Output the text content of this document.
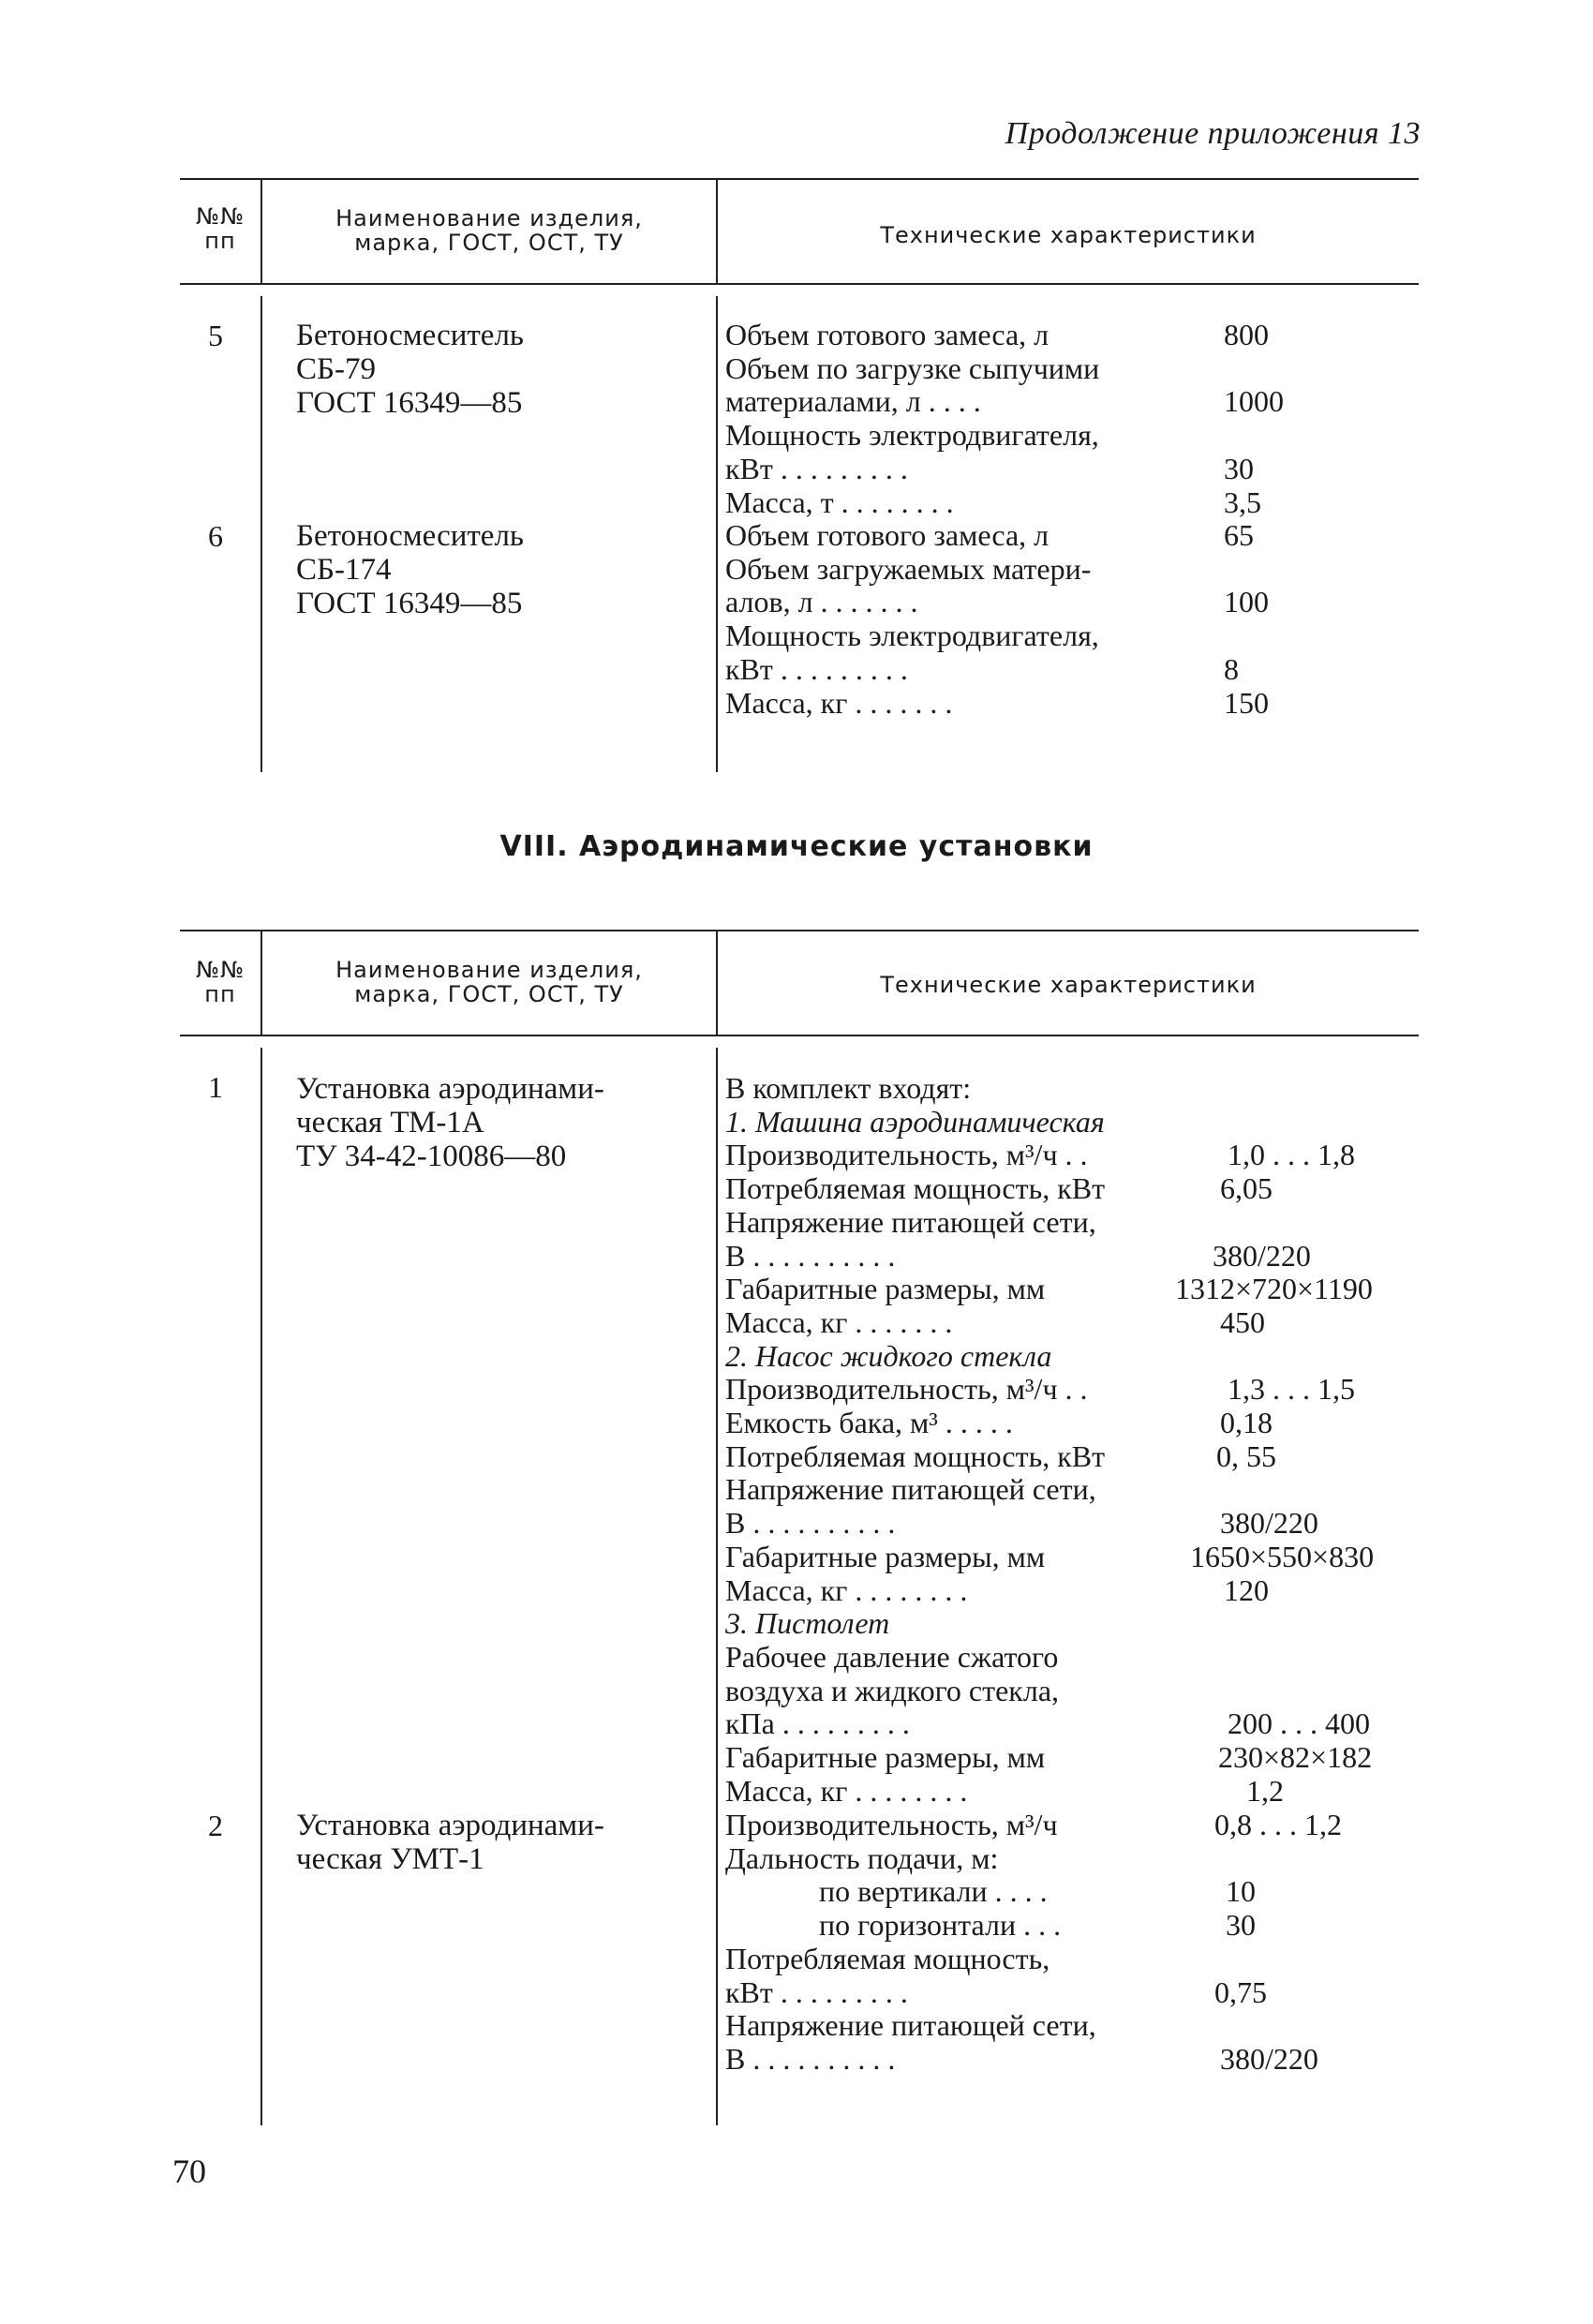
Продолжение приложения 13
№№
пп
Наименование изделия,
марка, ГОСТ, ОСТ, ТУ	Технические характеристики
5 Бетоносмеситель
СБ-79
ГОСТ 16349—85
Объем готового замеса, л
Объем по загрузке сыпучими
материалами, л . . . .
Мощность электродвигателя,
кВт . . . . . . . . .
Масса, т . . . . . . . .
800

1000

30
3,5
6 Бетоносмеситель
СБ-174
ГОСТ 16349—85
Объем готового замеса, л
Объем загружаемых матери-
алов, л . . . . . . .
Мощность электродвигателя,
кВт . . . . . . . . .
Масса, кг . . . . . . .
65

100

8
150
VIII. Аэродинамические установки
№№
пп
Наименование изделия,
марка, ГОСТ, ОСТ, ТУ	Технические характеристики
1 Установка аэродинами-
ческая ТМ-1А
ТУ 34-42-10086—80
В комплект входят:
1. Машина аэродинамическая
Производительность, м³/ч . .
Потребляемая мощность, кВт
Напряжение питающей сети,
В . . . . . . . . . .
Габаритные размеры, мм
Масса, кг . . . . . . .
2. Насос жидкого стекла
Производительность, м³/ч . .
Емкость бака, м³ . . . . .
Потребляемая мощность, кВт
Напряжение питающей сети,
В . . . . . . . . . .
Габаритные размеры, мм
Масса, кг . . . . . . . .
3. Пистолет
Рабочее давление сжатого
воздуха и жидкого стекла,
кПа . . . . . . . . .
Габаритные размеры, мм
Масса, кг . . . . . . . .

1,0 . . . 1,8
6,05

380/220
1312×720×1190
450

1,3 . . . 1,5
0,18
0, 55

380/220
1650×550×830
120

200 . . . 400
230×82×182
1,2
2 Установка аэродинами-
ческая УМТ-1
Производительность, м³/ч
Дальность подачи, м:
по вертикали . . . .
по горизонтали . . .
Потребляемая мощность,
кВт . . . . . . . . .
Напряжение питающей сети,
В . . . . . . . . . .
0,8 . . . 1,2

10
30

0,75

380/220
70
